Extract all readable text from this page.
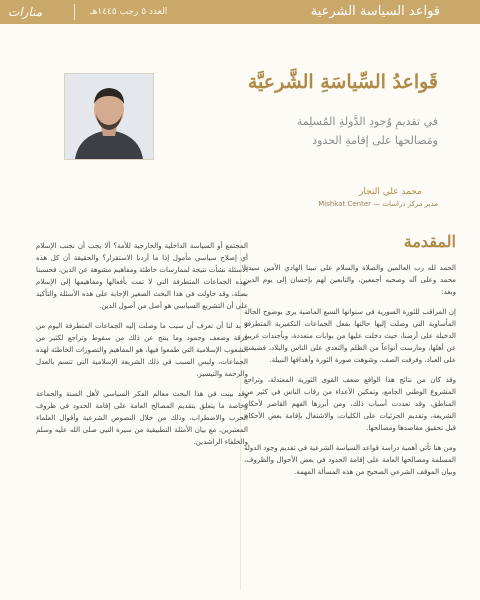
قواعد السياسة الشرعية
العدد ٥ رجب ١٤٤٥هـ
منارات
قَواعدُ السِّياسَةِ الشَّرعيَّة

في تقديمِ وُجودِ الدَّولةِ المُسلِمة
ومَصالحها على إقامةِ الحدود

محمد علي النجار
مدير مركز دراسات — Mishkat Center
المقدمة

الحمد لله رب العالمين والصلاة والسلام على نبينا الهادي الأمين سيدنا محمد وعلى آله وصحبه أجمعين، والتابعين لهم بإحسان إلى يوم الدين وبعد:

إن المراقب للثورة السورية في سنواتها السبع الماضية يرى بوضوح الحالة المأساوية التي وصلت إليها حالتها بفعل الجماعات التكفيرية المتطرفة الدخيلة على أرضنا، حيث دخلت عليها من بوابات متعددة، وبأجندات غريبة عن أهلها، ومارست أنواعاً من الظلم والتعدي على الناس والبلاد، فضيقت على العباد، وفرقت الصف، وشوهت صورة الثورة وأهدافها النبيلة.

وقد كان من نتائج هذا الواقع ضعف القوى الثورية المعتدلة، وتراجع المشروع الوطني الجامع، وتمكين الأعداء من رقاب الناس في كثير من المناطق، وقد تعددت أسباب ذلك، ومن أبرزها الفهم القاصر لأحكام الشريعة، وتقديم الجزئيات على الكليات، والاشتغال بإقامة بعض الأحكام قبل تحقيق مقاصدها ومصالحها.

ومن هنا تأتي أهمية دراسة قواعد السياسة الشرعية في تقديم وجود الدولة المسلمة ومصالحها العامة على إقامة الحدود في بعض الأحوال والظروف، وبيان الموقف الشرعي الصحيح من هذه المسألة المهمة.

المجتمع أو السياسة الداخلية والخارجية للأمة؟ ألا يجب أن نجنب الإسلام أي إصلاح سياسي مأمول إذا ما أردنا الاستقرار؟ والحقيقة أن كل هذه الأسئلة نشأت نتيجة لممارسات خاطئة ومفاهيم مشوهة عن الدين، فحسبنا بهذه الجماعات المتطرفة التي لا تمت بأفعالها ومفاهيمها إلى الإسلام بصلة، وقد حاولت في هذا البحث الصغير الإجابة على هذه الأسئلة والتأكيد على أن التشريع السياسي هو أصل من أصول الدين.

لا بد لنا أن نعرف أن سبب ما وصلت إليه الجماعات المتطرفة اليوم من فرقة وضعف وجمود وما ينتج عن ذلك من سقوط وتراجع لكثير من الشعوب الإسلامية التي طمعوا فيها، هو المفاهيم والتصورات الخاطئة لهذه الجماعات، وليس السبب في ذلك الشريعة الإسلامية التي تتسم بالعدل والرحمة والتيسير.

وقد بينت في هذا البحث معالم الفكر السياسي لأهل السنة والجماعة وخاصة ما يتعلق بتقديم المصالح العامة على إقامة الحدود في ظروف الحرب والاضطراب، وذلك من خلال النصوص الشرعية وأقوال العلماء المعتبرين، مع بيان الأمثلة التطبيقية من سيرة النبي صلى الله عليه وسلم والخلفاء الراشدين.
